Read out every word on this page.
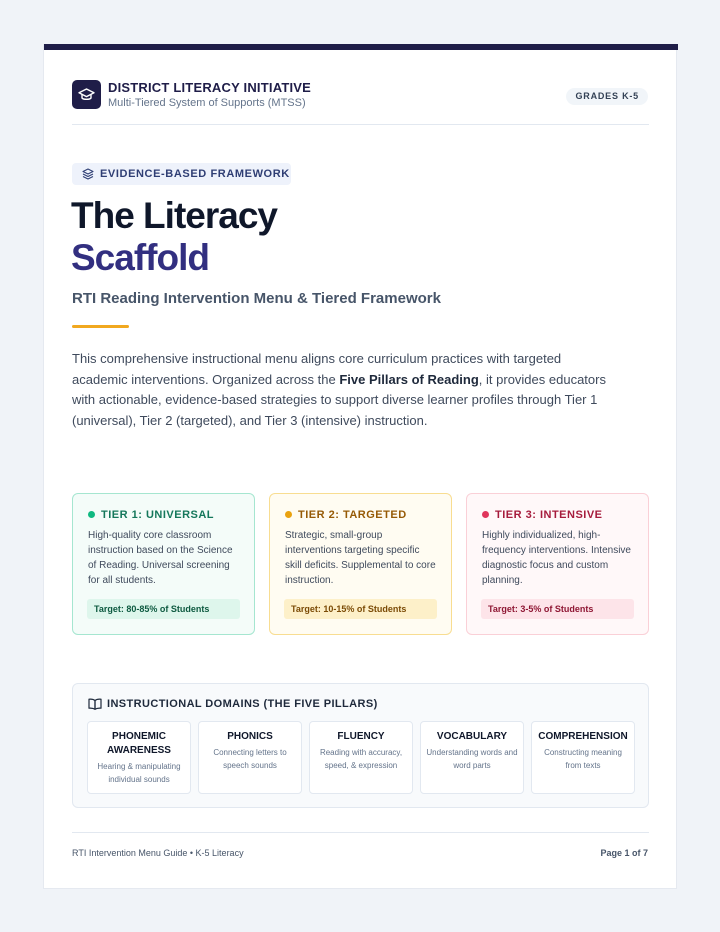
DISTRICT LITERACY INITIATIVE
Multi-Tiered System of Supports (MTSS)
GRADES K-5
EVIDENCE-BASED FRAMEWORK
The Literacy
Scaffold
RTI Reading Intervention Menu & Tiered Framework

This comprehensive instructional menu aligns core curriculum practices with targeted academic interventions. Organized across the Five Pillars of Reading, it provides educators with actionable, evidence-based strategies to support diverse learner profiles through Tier 1 (universal), Tier 2 (targeted), and Tier 3 (intensive) instruction.

TIER 1: UNIVERSAL
High-quality core classroom instruction based on the Science of Reading. Universal screening for all students.
Target: 80-85% of Students
TIER 2: TARGETED
Strategic, small-group interventions targeting specific skill deficits. Supplemental to core instruction.
Target: 10-15% of Students
TIER 3: INTENSIVE
Highly individualized, high-frequency interventions. Intensive diagnostic focus and custom planning.
Target: 3-5% of Students
INSTRUCTIONAL DOMAINS (THE FIVE PILLARS)
PHONEMIC AWARENESS
Hearing & manipulating individual sounds
PHONICS
Connecting letters to speech sounds
FLUENCY
Reading with accuracy, speed, & expression
VOCABULARY
Understanding words and word parts
COMPREHENSION
Constructing meaning from texts
RTI Intervention Menu Guide • K-5 Literacy	Page 1 of 7
